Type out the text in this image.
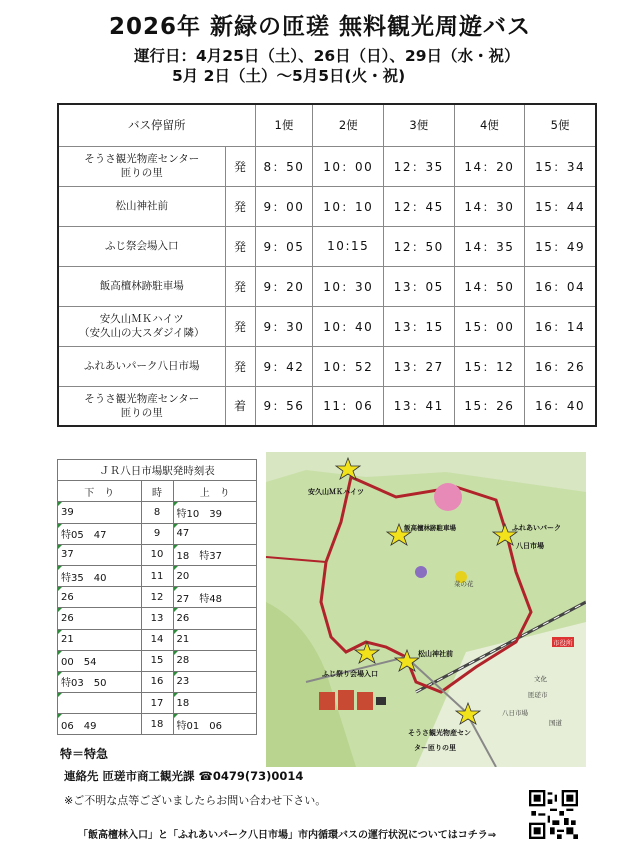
2026年 新緑の匝瑳 無料観光周遊バス
運行日：4月25日（土）、26日（日）、29日（水・祝）
5月 2日（土）～5月5日(火・祝)
バス停留所		1便	2便	3便	4便	5便

そうさ観光物産センター
匝りの里	発	8：50	10：00	12：35	14：20	15：34

松山神社前	発	9：00	10：10	12：45	14：30	15：44

ふじ祭会場入口	発	9：05	10:15	12：50	14：35	15：49

飯高檀林跡駐車場	発	9：20	10：30	13：05	14：50	16：04

安久山ＭＫハイツ
（安久山の大スダジイ隣）	発	9：30	10：40	13：15	15：00	16：14

ふれあいパーク八日市場	発	9：42	10：52	13：27	15：12	16：26

そうさ観光物産センター
匝りの里	着	9：56	11：06	13：41	15：26	16：40
ＪＲ八日市場駅発時刻表		
下　り	時	上　り
39	8	特10　39
特05　47	9	47
37	10	18　特37
特35　40	11	20
26	12	27　特48
26	13	26
21	14	21
00　54	15	28
特03　50	16	23
	17	18
06　49	18	特01　06
安久山ＭＫハイツ
飯高檀林跡駐車場	ふれあいパーク
八日市場
菜の花
松山神社前
ふじ祭り会場入口
そうさ観光物産セン
ター匝りの里
市役所
八日市場
匝瑳市
文化
国道
特＝特急
連絡先 匝瑳市商工観光課 ☎0479(73)0014
※ご不明な点等ございましたらお問い合わせ下さい。
「飯高檀林入口」と「ふれあいパーク八日市場」市内循環バスの運行状況についてはコチラ⇒
